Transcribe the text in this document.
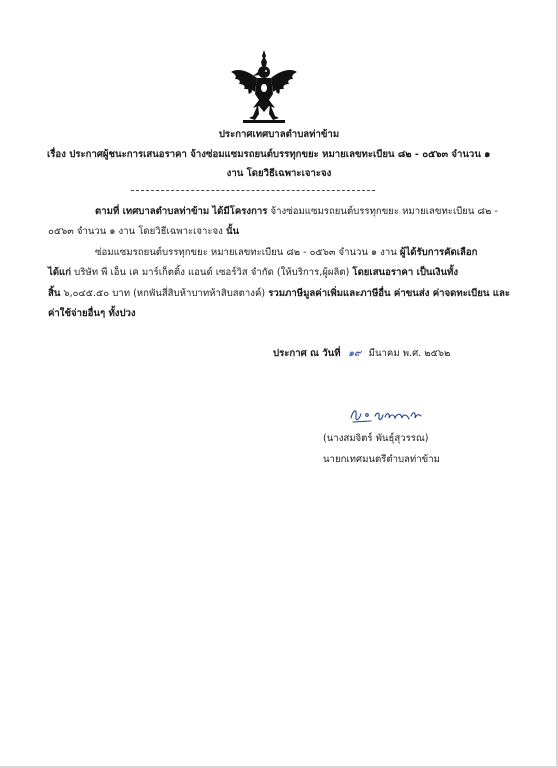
ประกาศเทศบาลตำบลท่าข้าม
เรื่อง ประกาศผู้ชนะการเสนอราคา จ้างซ่อมแซมรถยนต์บรรทุกขยะ หมายเลขทะเบียน ๘๒ - ๐๕๖๓ จำนวน ๑
งาน โดยวิธีเฉพาะเจาะจง
ตามที่ เทศบาลตำบลท่าข้าม ได้มีโครงการ จ้างซ่อมแซมรถยนต์บรรทุกขยะ หมายเลขทะเบียน ๘๒ -
๐๕๖๓ จำนวน ๑ งาน โดยวิธีเฉพาะเจาะจง นั้น
ซ่อมแซมรถยนต์บรรทุกขยะ หมายเลขทะเบียน ๘๒ - ๐๕๖๓ จำนวน ๑ งาน ผู้ได้รับการคัดเลือก
ได้แก่ บริษัท พี เอ็น เค มาร์เก็ตติ้ง แอนด์ เซอร์วิส จำกัด (ให้บริการ,ผู้ผลิต) โดยเสนอราคา เป็นเงินทั้ง
สิ้น ๖,๐๔๕.๕๐ บาท (หกพันสี่สิบห้าบาทห้าสิบสตางค์) รวมภาษีมูลค่าเพิ่มและภาษีอื่น ค่าขนส่ง ค่าจดทะเบียน และ
ค่าใช้จ่ายอื่นๆ ทั้งปวง
ประกาศ ณ วันที่ ๑๙ มีนาคม พ.ศ. ๒๕๖๒
(นางสมจิตร์ พันธุ์สุวรรณ)
นายกเทศมนตรีตำบลท่าข้าม
